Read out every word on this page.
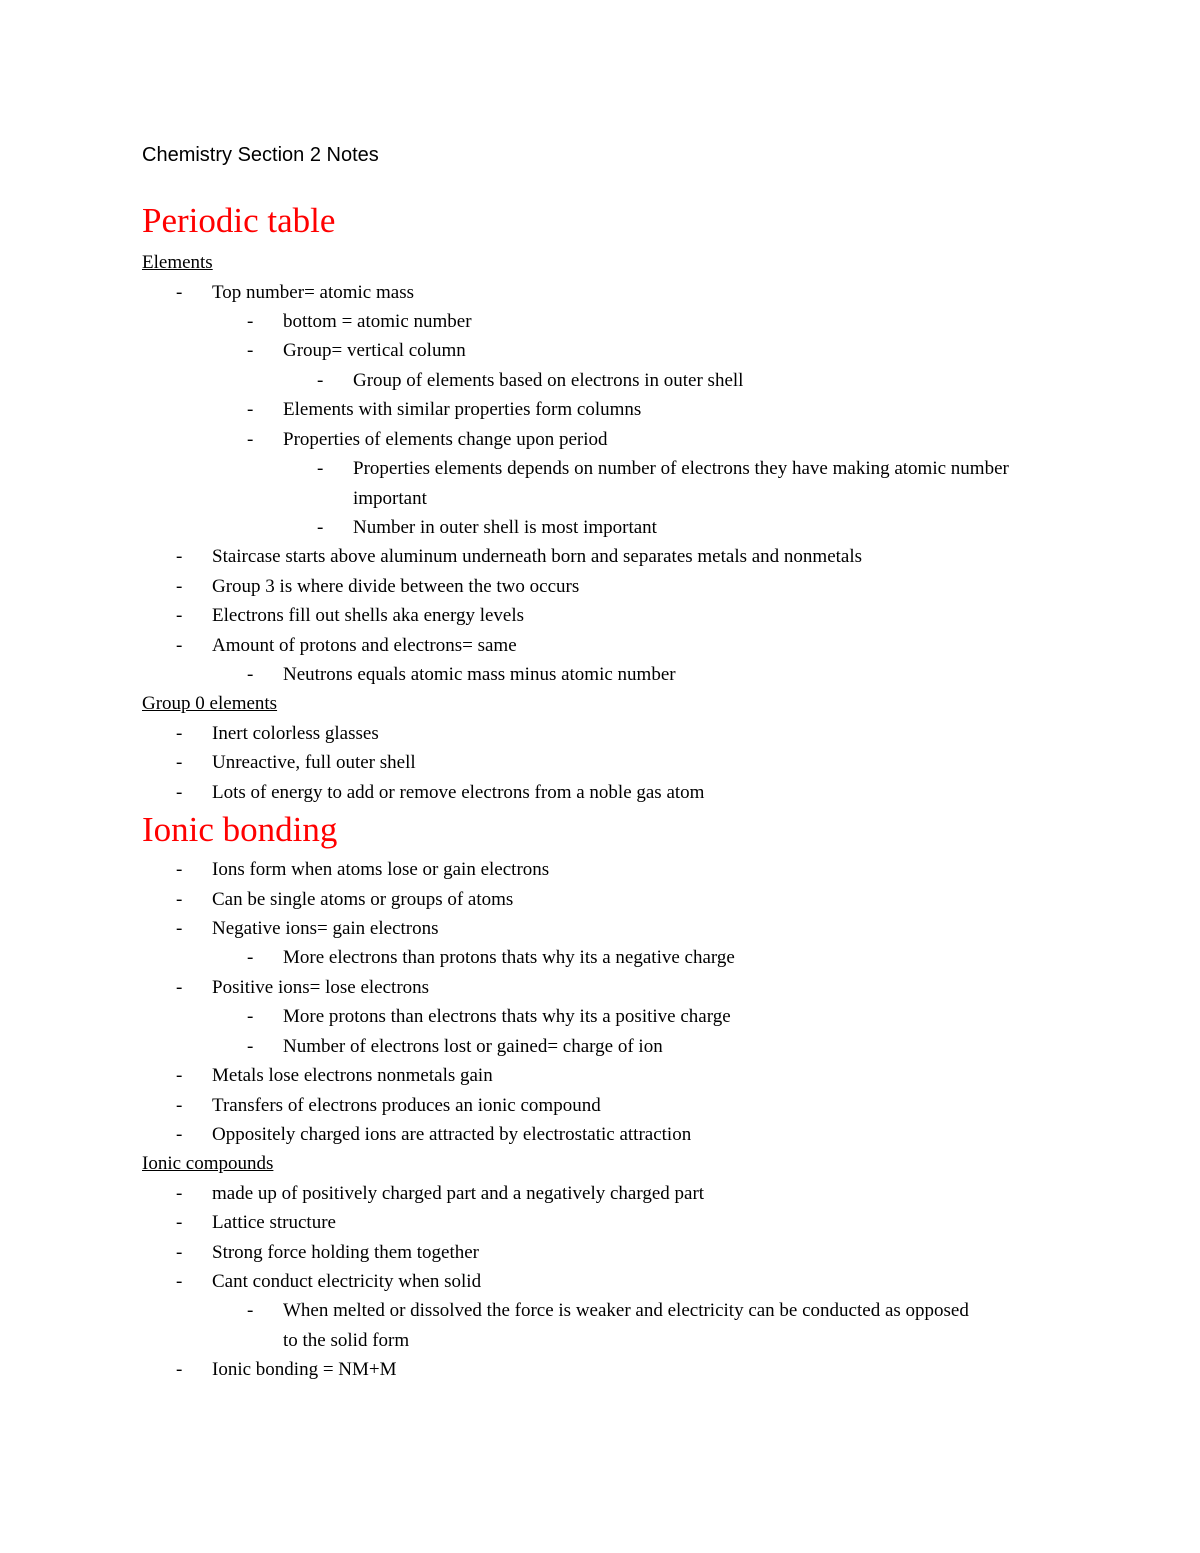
Chemistry Section 2 Notes
Periodic table
Elements
- Top number= atomic mass
- bottom = atomic number
- Group= vertical column
- Group of elements based on electrons in outer shell
- Elements with similar properties form columns
- Properties of elements change upon period
- Properties elements depends on number of electrons they have making atomic number important
- Number in outer shell is most important
- Staircase starts above aluminum underneath born and separates metals and nonmetals
- Group 3 is where divide between the two occurs
- Electrons fill out shells aka energy levels
- Amount of protons and electrons= same
- Neutrons equals atomic mass minus atomic number
Group 0 elements
- Inert colorless glasses
- Unreactive, full outer shell
- Lots of energy to add or remove electrons from a noble gas atom
Ionic bonding
- Ions form when atoms lose or gain electrons
- Can be single atoms or groups of atoms
- Negative ions= gain electrons
- More electrons than protons thats why its a negative charge
- Positive ions= lose electrons
- More protons than electrons thats why its a positive charge
- Number of electrons lost or gained= charge of ion
- Metals lose electrons nonmetals gain
- Transfers of electrons produces an ionic compound
- Oppositely charged ions are attracted by electrostatic attraction
Ionic compounds
- made up of positively charged part and a negatively charged part
- Lattice structure
- Strong force holding them together
- Cant conduct electricity when solid
- When melted or dissolved the force is weaker and electricity can be conducted as opposed to the solid form
- Ionic bonding = NM+M
